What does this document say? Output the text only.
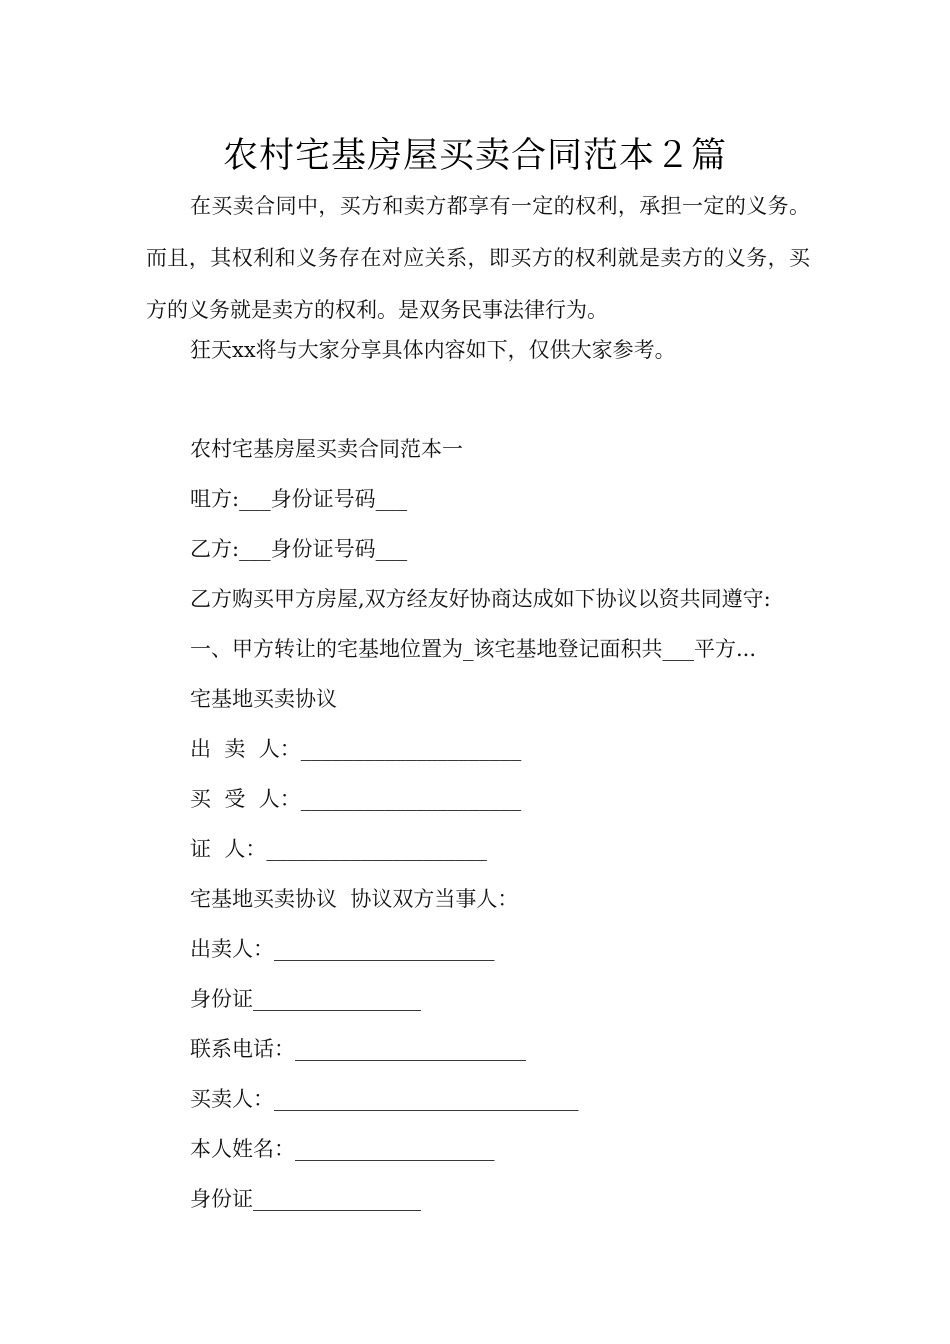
农村宅基房屋买卖合同范本２篇
在买卖合同中，买方和卖方都享有一定的权利，承担一定的义务。而且，其权利和义务存在对应关系，即买方的权利就是卖方的义务，买方的义务就是卖方的权利。是双务民事法律行为。
狂天xx将与大家分享具体内容如下，仅供大家参考。
农村宅基房屋买卖合同范本一
咀方:___身份证号码___
乙方:___身份证号码___
乙方购买甲方房屋,双方经友好协商达成如下协议以资共同遵守:
一、甲方转让的宅基地位置为_该宅基地登记面积共___平方...
宅基地买卖协议
出  卖  人：_____________________
买  受  人：_____________________
证  人：_____________________
宅基地买卖协议  协议双方当事人：
出卖人：_____________________
身份证________________
联系电话：______________________
买卖人：_____________________________
本人姓名：___________________
身份证________________
